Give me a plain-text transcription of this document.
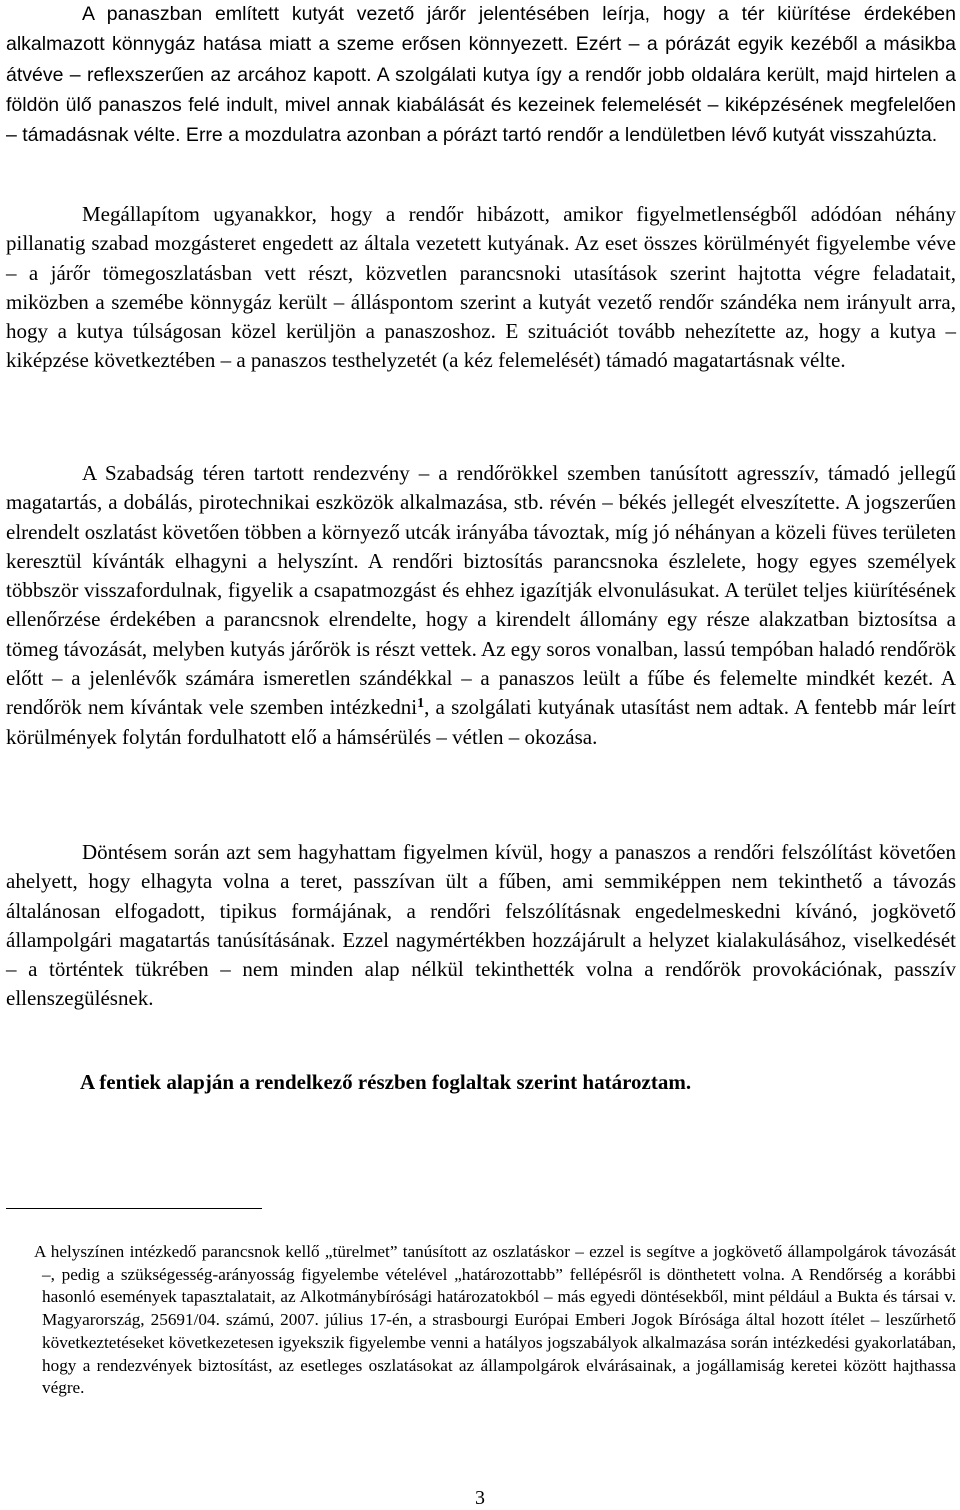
A panaszban említett kutyát vezető járőr jelentésében leírja, hogy a tér kiürítése érdekében alkalmazott könnygáz hatása miatt a szeme erősen könnyezett. Ezért – a pórázát egyik kezéből a másikba átvéve – reflexszerűen az arcához kapott. A szolgálati kutya így a rendőr jobb oldalára került, majd hirtelen a földön ülő panaszos felé indult, mivel annak kiabálását és kezeinek felemelését – kiképzésének megfelelően – támadásnak vélte. Erre a mozdulatra azonban a pórázt tartó rendőr a lendületben lévő kutyát visszahúzta.

Megállapítom ugyanakkor, hogy a rendőr hibázott, amikor figyelmetlenségből adódóan néhány pillanatig szabad mozgásteret engedett az általa vezetett kutyának. Az eset összes körülményét figyelembe véve – a járőr tömegoszlatásban vett részt, közvetlen parancsnoki utasítások szerint hajtotta végre feladatait, miközben a szemébe könnygáz került – álláspontom szerint a kutyát vezető rendőr szándéka nem irányult arra, hogy a kutya túlságosan közel kerüljön a panaszoshoz. E szituációt tovább nehezítette az, hogy a kutya – kiképzése következtében – a panaszos testhelyzetét (a kéz felemelését) támadó magatartásnak vélte.

A Szabadság téren tartott rendezvény – a rendőrökkel szemben tanúsított agresszív, támadó jellegű magatartás, a dobálás, pirotechnikai eszközök alkalmazása, stb. révén – békés jellegét elveszítette. A jogszerűen elrendelt oszlatást követően többen a környező utcák irányába távoztak, míg jó néhányan a közeli füves területen keresztül kívánták elhagyni a helyszínt. A rendőri biztosítás parancsnoka észlelete, hogy egyes személyek többször visszafordulnak, figyelik a csapatmozgást és ehhez igazítják elvonulásukat. A terület teljes kiürítésének ellenőrzése érdekében a parancsnok elrendelte, hogy a kirendelt állomány egy része alakzatban biztosítsa a tömeg távozását, melyben kutyás járőrök is részt vettek. Az egy soros vonalban, lassú tempóban haladó rendőrök előtt – a jelenlévők számára ismeretlen szándékkal – a panaszos leült a fűbe és felemelte mindkét kezét. A rendőrök nem kívántak vele szemben intézkedni$^1$, a szolgálati kutyának utasítást nem adtak. A fentebb már leírt körülmények folytán fordulhatott elő a hámsérülés – vétlen – okozása.

Döntésem során azt sem hagyhattam figyelmen kívül, hogy a panaszos a rendőri felszólítást követően ahelyett, hogy elhagyta volna a teret, passzívan ült a fűben, ami semmiképpen nem tekinthető a távozás általánosan elfogadott, tipikus formájának, a rendőri felszólításnak engedelmeskedni kívánó, jogkövető állampolgári magatartás tanúsításának. Ezzel nagymértékben hozzájárult a helyzet kialakulásához, viselkedését – a történtek tükrében – nem minden alap nélkül tekinthették volna a rendőrök provokációnak, passzív ellenszegülésnek.

A fentiek alapján a rendelkező részben foglaltak szerint határoztam.

A helyszínen intézkedő parancsnok kellő „türelmet” tanúsított az oszlatáskor – ezzel is segítve a jogkövető állampolgárok távozását –, pedig a szükségesség-arányosság figyelembe vételével „határozottabb” fellépésről is dönthetett volna. A Rendőrség a korábbi hasonló események tapasztalatait, az Alkotmánybírósági határozatokból – más egyedi döntésekből, mint például a Bukta és társai v. Magyarország, 25691/04. számú, 2007. július 17-én, a strasbourgi Európai Emberi Jogok Bírósága által hozott ítélet – leszűrhető következtetéseket következetesen igyekszik figyelembe venni a hatályos jogszabályok alkalmazása során intézkedési gyakorlatában, hogy a rendezvények biztosítást, az esetleges oszlatásokat az állampolgárok elvárásainak, a jogállamiság keretei között hajthassa végre.

3
